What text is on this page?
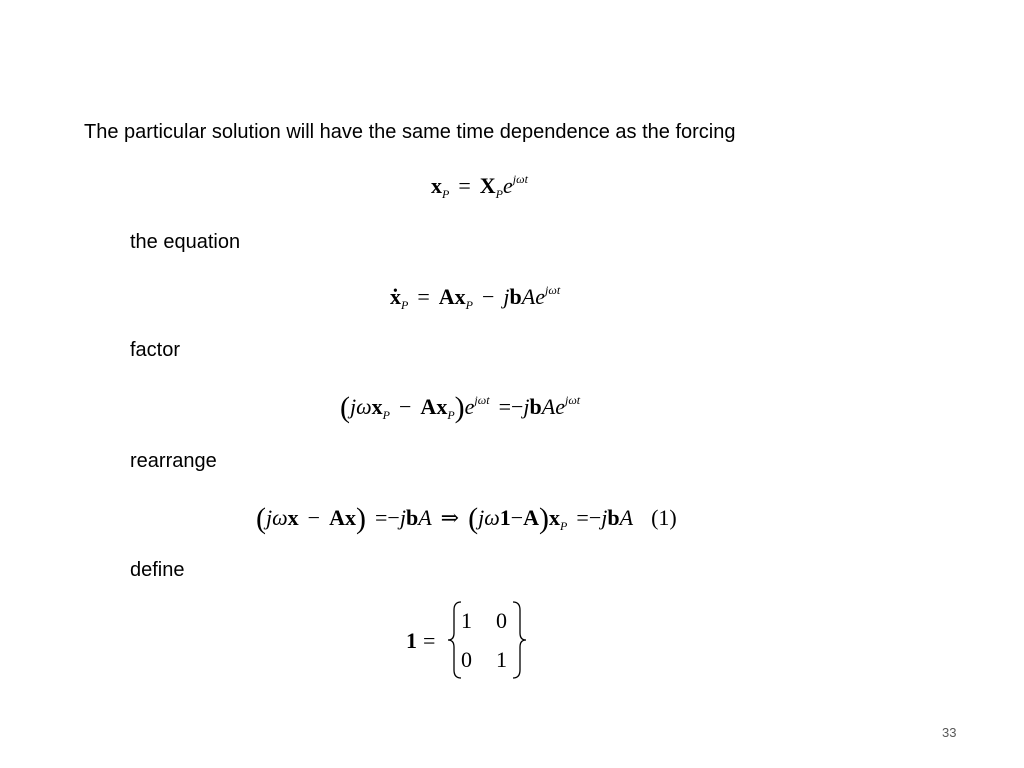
The particular solution will have the same time dependence as the forcing
$x_P = X_Pe^{j\omega t}$
the equation
ẋ$_P$ = $Ax_P$ − jbAe$^{j\omega t}$
factor
$(j\omega x_P - Ax_P)e^{j\omega t}$ =−jbAe$^{j\omega t}$
rearrange
(jωx − Ax) =−jbA ⇒ $(j\omega 1-A)x_P =-jbA$ (1)
define
1 =
1 0
0 1
33
